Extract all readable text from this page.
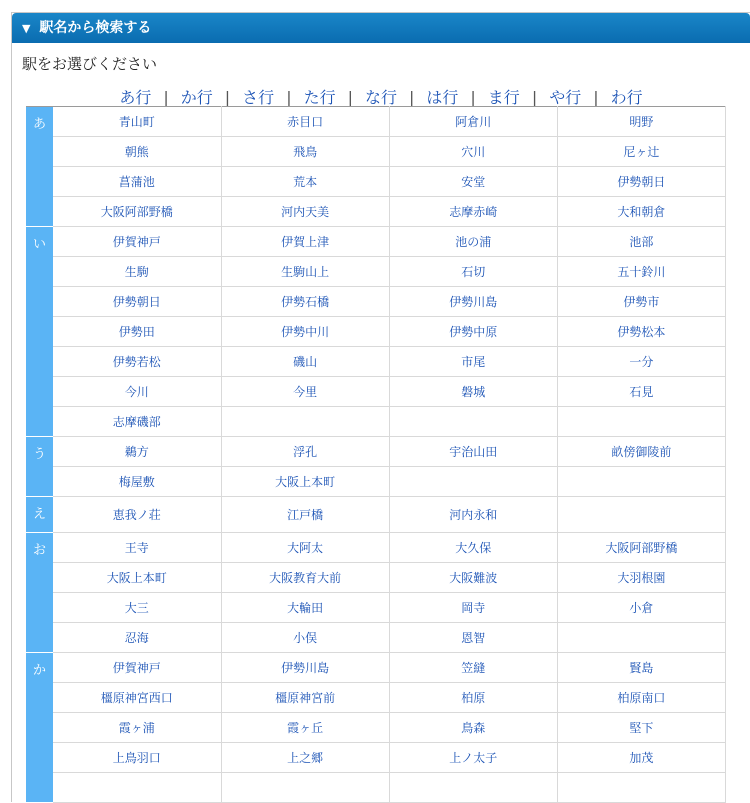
▼ 駅名から検索する
駅をお選びください
あ行 | か行 | さ行 | た行 | な行 | は行 | ま行 | や行 | わ行
あ	青山町	赤目口	阿倉川	明野
	朝熊	飛鳥	穴川	尼ヶ辻
	菖蒲池	荒本	安堂	伊勢朝日
	大阪阿部野橋	河内天美	志摩赤崎	大和朝倉
い	伊賀神戸	伊賀上津	池の浦	池部
	生駒	生駒山上	石切	五十鈴川
	伊勢朝日	伊勢石橋	伊勢川島	伊勢市
	伊勢田	伊勢中川	伊勢中原	伊勢松本
	伊勢若松	磯山	市尾	一分
	今川	今里	磐城	石見
	志摩磯部			
う	鵜方	浮孔	宇治山田	畝傍御陵前
	梅屋敷	大阪上本町		
え	恵我ノ荘	江戸橋	河内永和	
お	王寺	大阿太	大久保	大阪阿部野橋
	大阪上本町	大阪教育大前	大阪難波	大羽根園
	大三	大輪田	岡寺	小倉
	忍海	小俣	恩智	
か	伊賀神戸	伊勢川島	笠縫	賢島
	橿原神宮西口	橿原神宮前	柏原	柏原南口
	霞ヶ浦	霞ヶ丘	鳥森	堅下
	上鳥羽口	上之郷	上ノ太子	加茂
